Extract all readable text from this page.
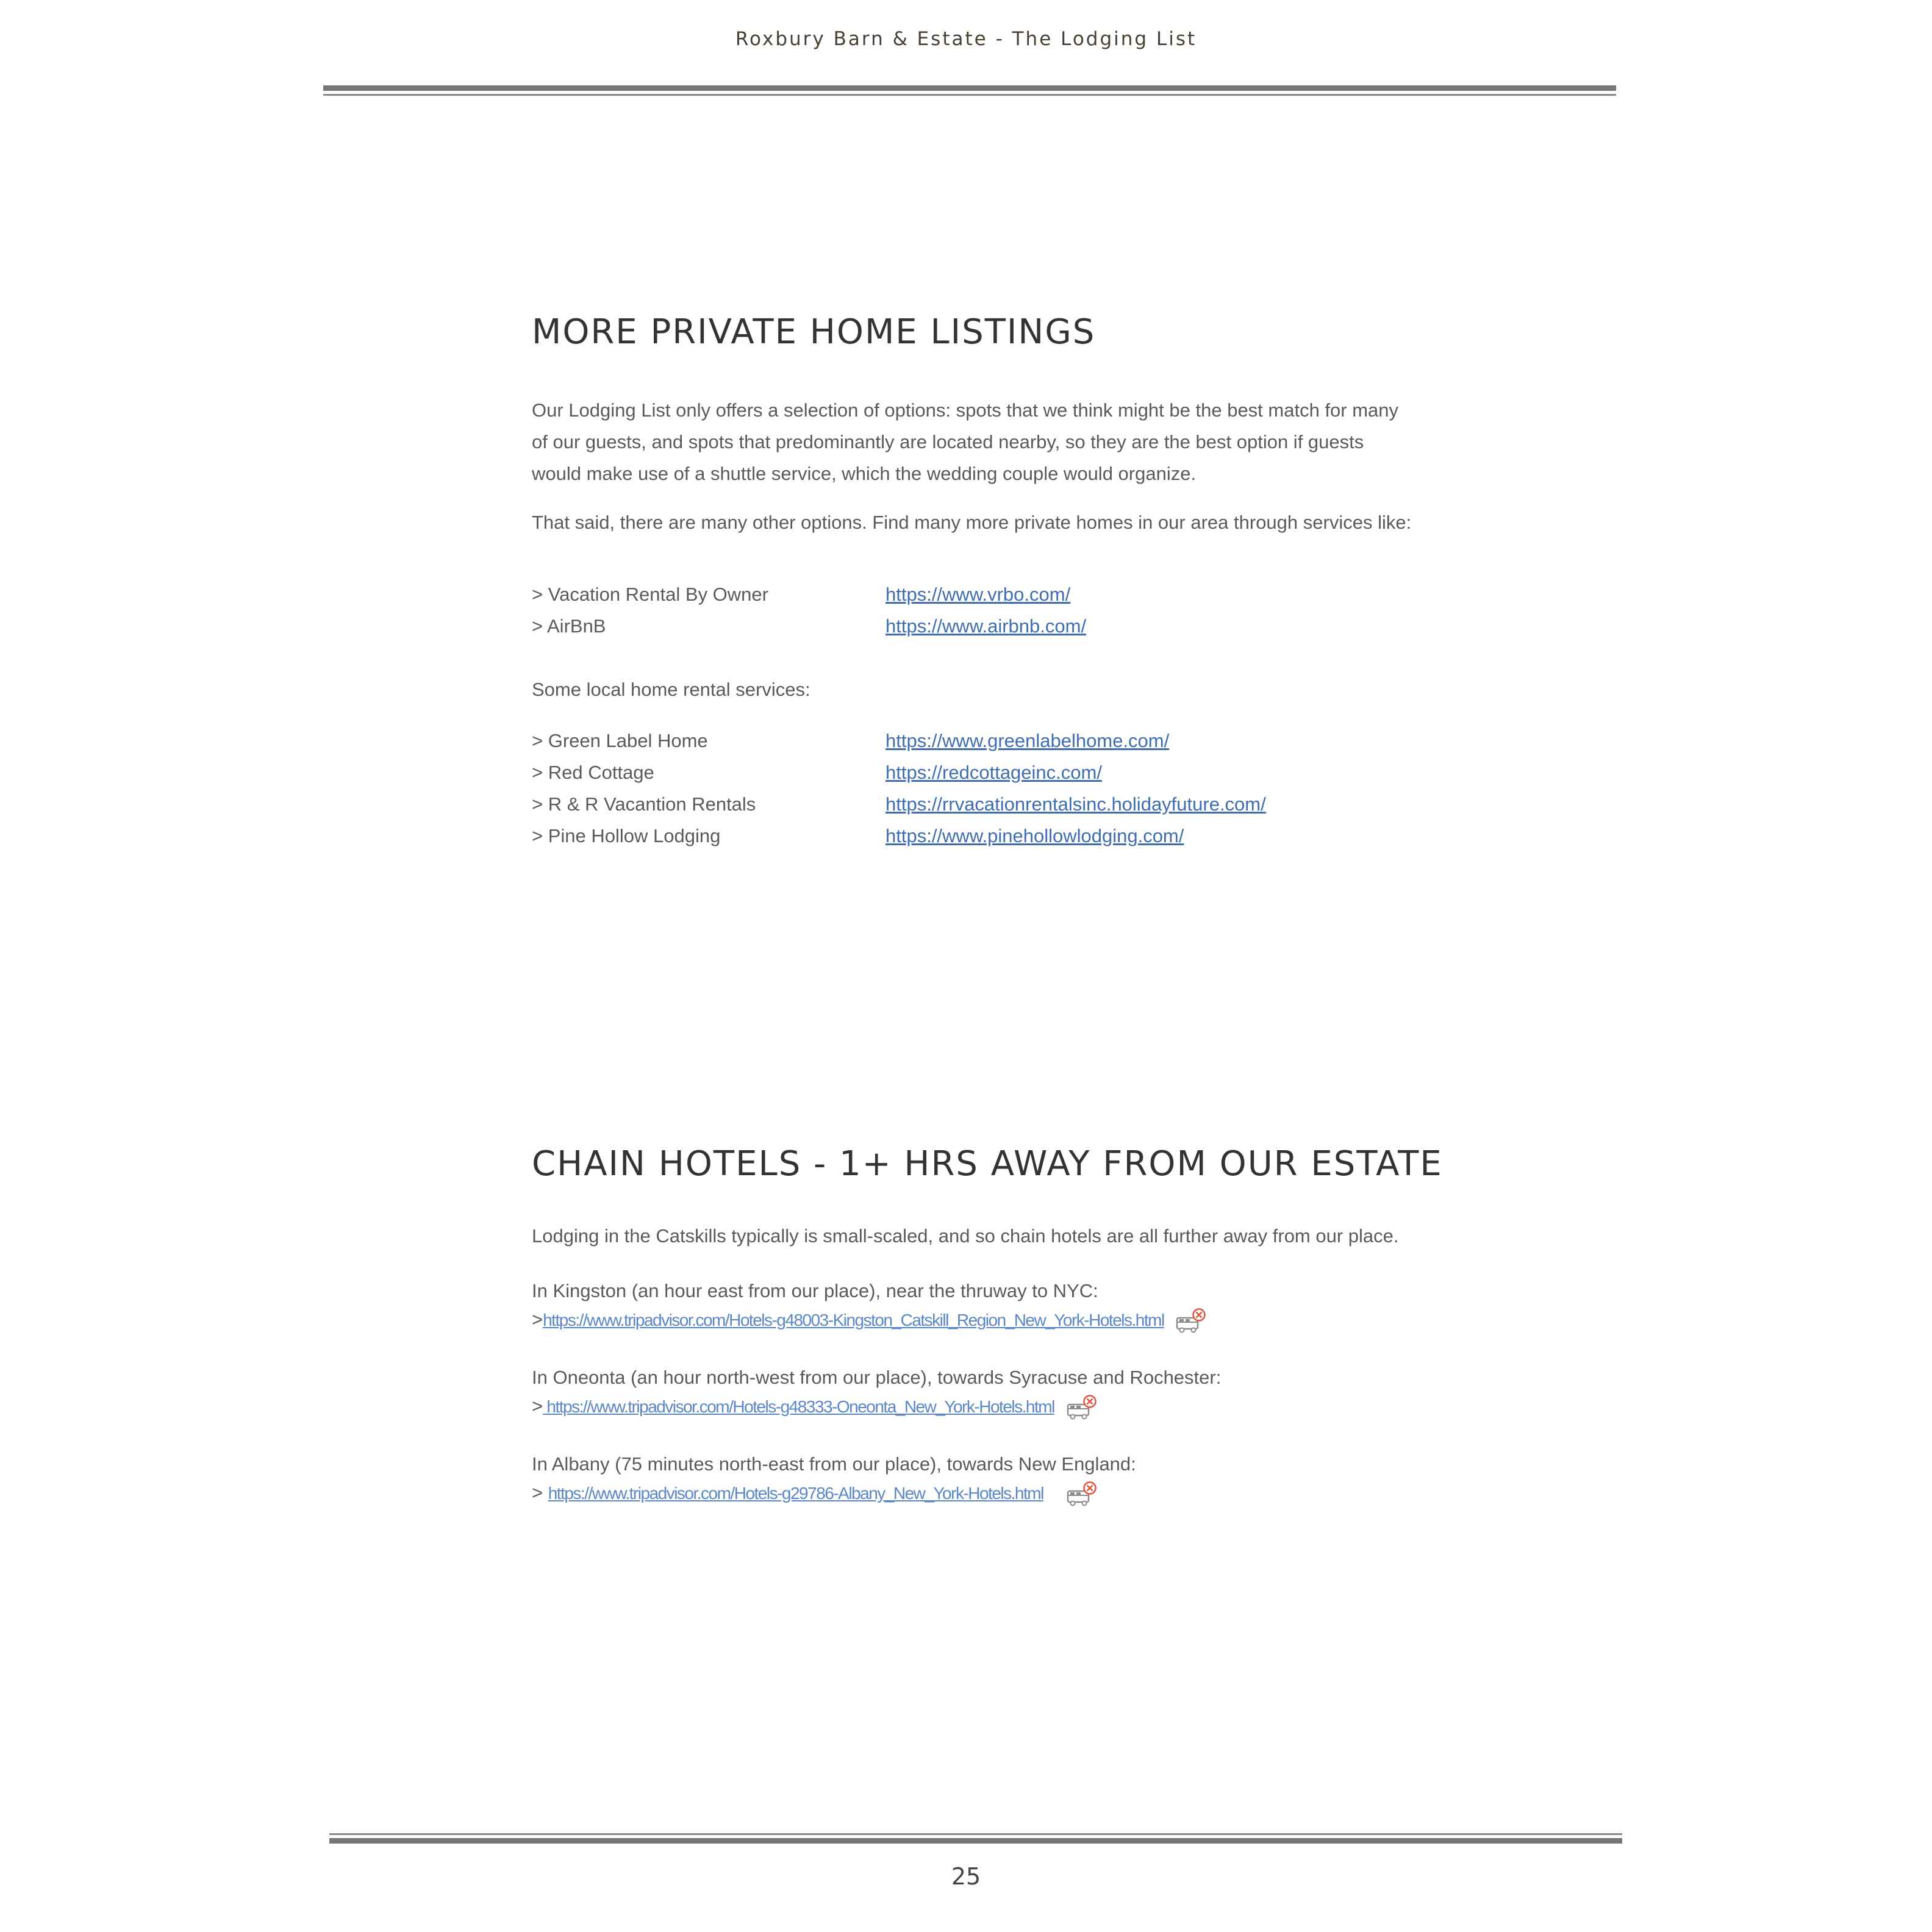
Roxbury Barn & Estate - The Lodging List
MORE PRIVATE HOME LISTINGS

Our Lodging List only offers a selection of options: spots that we think might be the best match for many of our guests, and spots that predominantly are located nearby, so they are the best option if guests would make use of a shuttle service, which the wedding couple would organize.

That said, there are many other options. Find many more private homes in our area through services like:

> Vacation Rental By Owner	https://www.vrbo.com/
> AirBnB	https://www.airbnb.com/

Some local home rental services:

> Green Label Home	https://www.greenlabelhome.com/
> Red Cottage	https://redcottageinc.com/
> R & R Vacantion Rentals	https://rrvacationrentalsinc.holidayfuture.com/
> Pine Hollow Lodging	https://www.pinehollowlodging.com/
CHAIN HOTELS - 1+ HRS AWAY FROM OUR ESTATE

Lodging in the Catskills typically is small-scaled, and so chain hotels are all further away from our place.

In Kingston (an hour east from our place), near the thruway to NYC:
>https://www.tripadvisor.com/Hotels-g48003-Kingston_Catskill_Region_New_York-Hotels.html
In Oneonta (an hour north-west from our place), towards Syracuse and Rochester:
> https://www.tripadvisor.com/Hotels-g48333-Oneonta_New_York-Hotels.html
In Albany (75 minutes north-east from our place), towards New England:
> https://www.tripadvisor.com/Hotels-g29786-Albany_New_York-Hotels.html
25
